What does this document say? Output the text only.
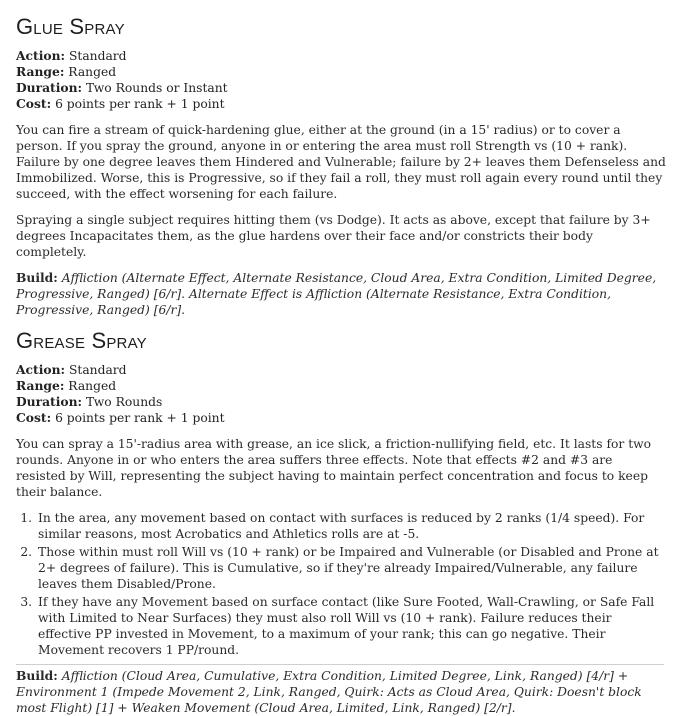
Glue Spray
Action: Standard
Range: Ranged
Duration: Two Rounds or Instant
Cost: 6 points per rank + 1 point

You can fire a stream of quick-hardening glue, either at the ground (in a 15' radius) or to cover a person. If you spray the ground, anyone in or entering the area must roll Strength vs (10 + rank). Failure by one degree leaves them Hindered and Vulnerable; failure by 2+ leaves them Defenseless and Immobilized. Worse, this is Progressive, so if they fail a roll, they must roll again every round until they succeed, with the effect worsening for each failure.

Spraying a single subject requires hitting them (vs Dodge). It acts as above, except that failure by 3+ degrees Incapacitates them, as the glue hardens over their face and/or constricts their body completely.

Build: Affliction (Alternate Effect, Alternate Resistance, Cloud Area, Extra Condition, Limited Degree, Progressive, Ranged) [6/r]. Alternate Effect is Affliction (Alternate Resistance, Extra Condition, Progressive, Ranged) [6/r].

Grease Spray
Action: Standard
Range: Ranged
Duration: Two Rounds
Cost: 6 points per rank + 1 point

You can spray a 15'-radius area with grease, an ice slick, a friction-nullifying field, etc. It lasts for two rounds. Anyone in or who enters the area suffers three effects. Note that effects #2 and #3 are resisted by Will, representing the subject having to maintain perfect concentration and focus to keep their balance.

1. In the area, any movement based on contact with surfaces is reduced by 2 ranks (1/4 speed). For similar reasons, most Acrobatics and Athletics rolls are at -5.
2. Those within must roll Will vs (10 + rank) or be Impaired and Vulnerable (or Disabled and Prone at 2+ degrees of failure). This is Cumulative, so if they're already Impaired/Vulnerable, any failure leaves them Disabled/Prone.
3. If they have any Movement based on surface contact (like Sure Footed, Wall-Crawling, or Safe Fall with Limited to Near Surfaces) they must also roll Will vs (10 + rank). Failure reduces their effective PP invested in Movement, to a maximum of your rank; this can go negative. Their Movement recovers 1 PP/round.

Build: Affliction (Cloud Area, Cumulative, Extra Condition, Limited Degree, Link, Ranged) [4/r] + Environment 1 (Impede Movement 2, Link, Ranged, Quirk: Acts as Cloud Area, Quirk: Doesn't block most Flight) [1] + Weaken Movement (Cloud Area, Limited, Link, Ranged) [2/r].
